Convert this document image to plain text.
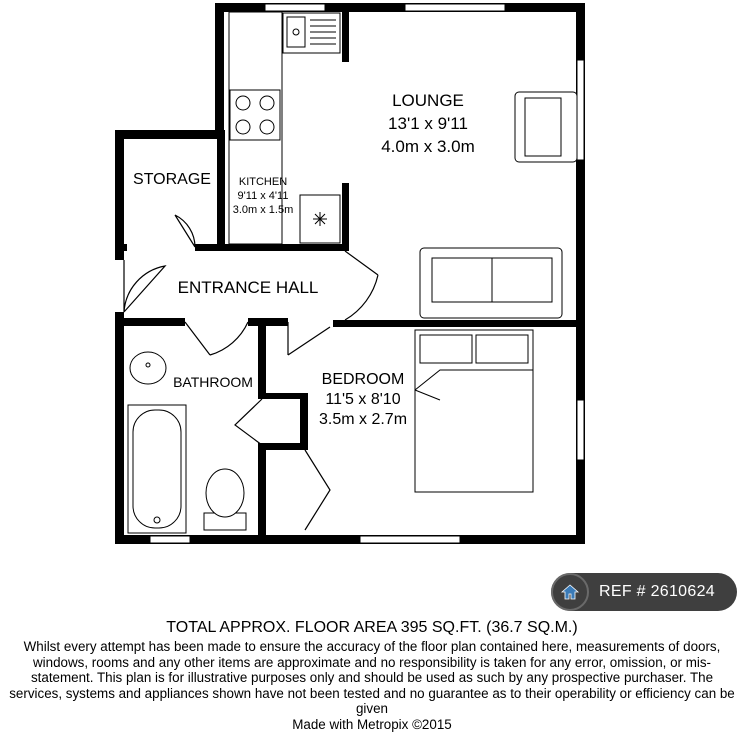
LOUNGE
13'1 x 9'11
4.0m x 3.0m
KITCHEN
9'11 x 4'11
3.0m x 1.5m
STORAGE
ENTRANCE HALL
BATHROOM	BEDROOM
11'5 x 8'10
3.5m x 2.7m
REF # 2610624
TOTAL APPROX. FLOOR AREA 395 SQ.FT. (36.7 SQ.M.)
Whilst every attempt has been made to ensure the accuracy of the floor plan contained here, measurements of doors, windows, rooms and any other items are approximate and no responsibility is taken for any error, omission, or mis-statement. This plan is for illustrative purposes only and should be used as such by any prospective purchaser. The services, systems and appliances shown have not been tested and no guarantee as to their operability or efficiency can be given
Made with Metropix ©2015
